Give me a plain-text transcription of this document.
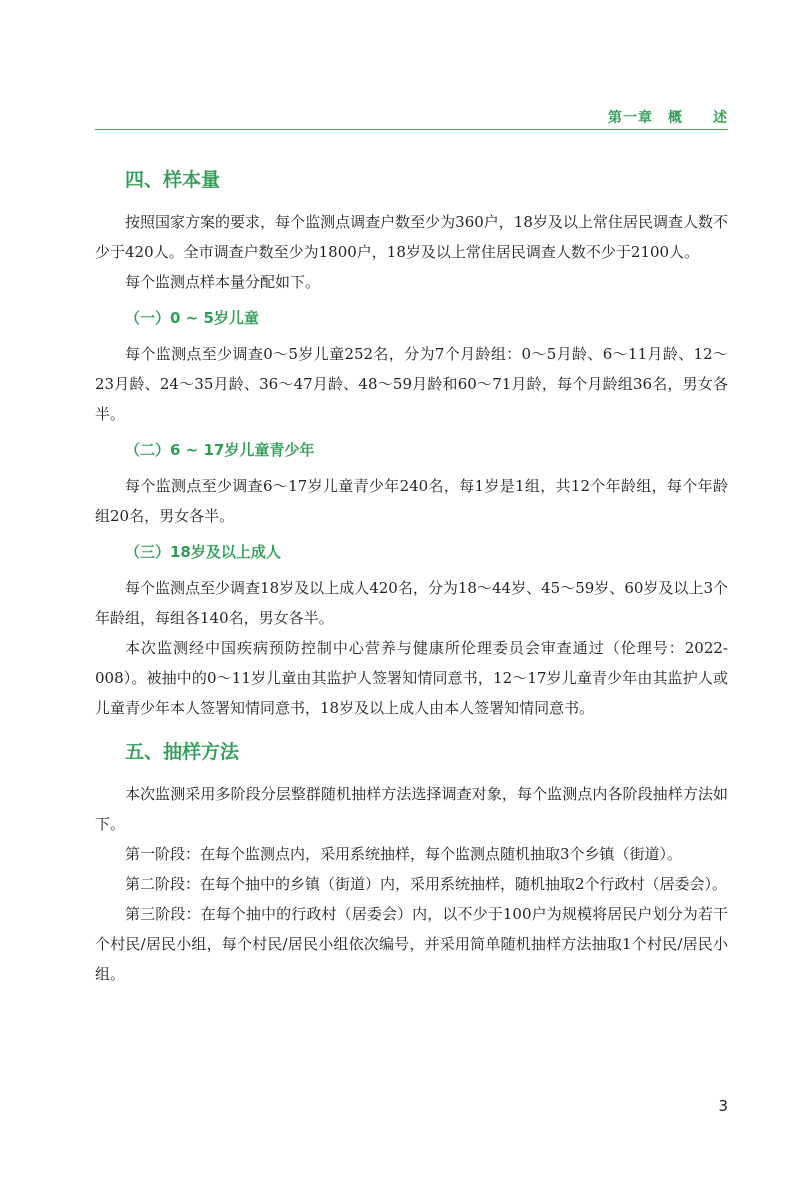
第一章　概　　述
四、样本量

按照国家方案的要求，每个监测点调查户数至少为360户，18岁及以上常住居民调查人数不少于420人。全市调查户数至少为1800户，18岁及以上常住居民调查人数不少于2100人。

每个监测点样本量分配如下。

（一）0 ~ 5岁儿童

每个监测点至少调查0～5岁儿童252名，分为7个月龄组：0～5月龄、6～11月龄、12～23月龄、24～35月龄、36～47月龄、48～59月龄和60～71月龄，每个月龄组36名，男女各半。

（二）6 ~ 17岁儿童青少年

每个监测点至少调查6～17岁儿童青少年240名，每1岁是1组，共12个年龄组，每个年龄组20名，男女各半。

（三）18岁及以上成人

每个监测点至少调查18岁及以上成人420名，分为18～44岁、45～59岁、60岁及以上3个年龄组，每组各140名，男女各半。

本次监测经中国疾病预防控制中心营养与健康所伦理委员会审查通过（伦理号：2022-008）。被抽中的0～11岁儿童由其监护人签署知情同意书，12～17岁儿童青少年由其监护人或儿童青少年本人签署知情同意书，18岁及以上成人由本人签署知情同意书。

五、抽样方法

本次监测采用多阶段分层整群随机抽样方法选择调查对象，每个监测点内各阶段抽样方法如下。

第一阶段：在每个监测点内，采用系统抽样，每个监测点随机抽取3个乡镇（街道）。

第二阶段：在每个抽中的乡镇（街道）内，采用系统抽样，随机抽取2个行政村（居委会）。

第三阶段：在每个抽中的行政村（居委会）内，以不少于100户为规模将居民户划分为若干个村民/居民小组，每个村民/居民小组依次编号，并采用简单随机抽样方法抽取1个村民/居民小组。

3
